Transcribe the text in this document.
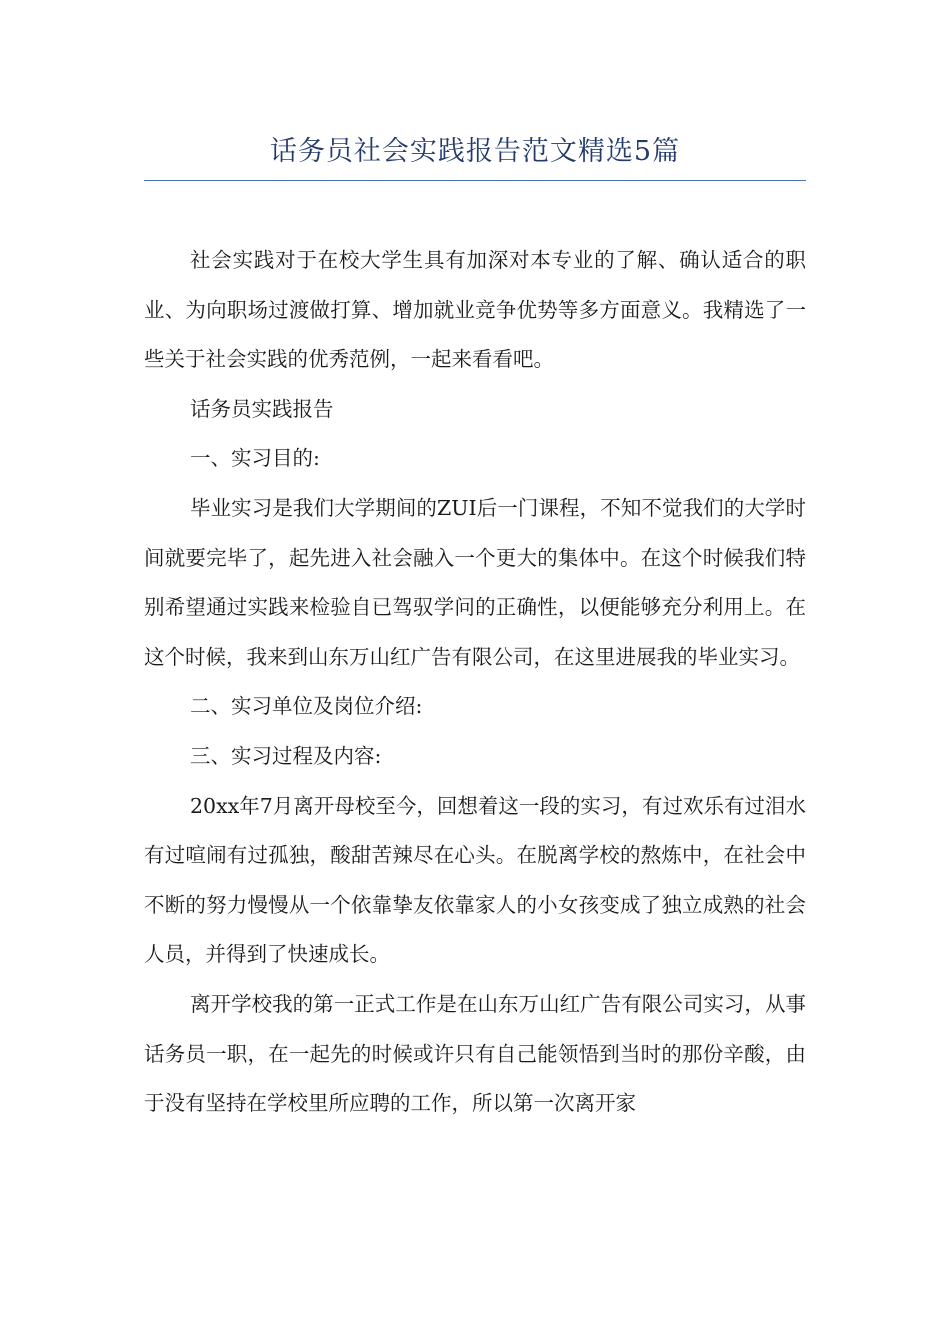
话务员社会实践报告范文精选5篇

社会实践对于在校大学生具有加深对本专业的了解、确认适合的职业、为向职场过渡做打算、增加就业竞争优势等多方面意义。我精选了一些关于社会实践的优秀范例，一起来看看吧。

话务员实践报告

一、实习目的:

毕业实习是我们大学期间的ZUI后一门课程，不知不觉我们的大学时间就要完毕了，起先进入社会融入一个更大的集体中。在这个时候我们特别希望通过实践来检验自已驾驭学问的正确性，以便能够充分利用上。在这个时候，我来到山东万山红广告有限公司，在这里进展我的毕业实习。

二、实习单位及岗位介绍:

三、实习过程及内容:

20xx年7月离开母校至今，回想着这一段的实习，有过欢乐有过泪水有过喧闹有过孤独，酸甜苦辣尽在心头。在脱离学校的熬炼中，在社会中不断的努力慢慢从一个依靠挚友依靠家人的小女孩变成了独立成熟的社会人员，并得到了快速成长。

离开学校我的第一正式工作是在山东万山红广告有限公司实习，从事话务员一职，在一起先的时候或许只有自己能领悟到当时的那份辛酸，由于没有坚持在学校里所应聘的工作，所以第一次离开家
